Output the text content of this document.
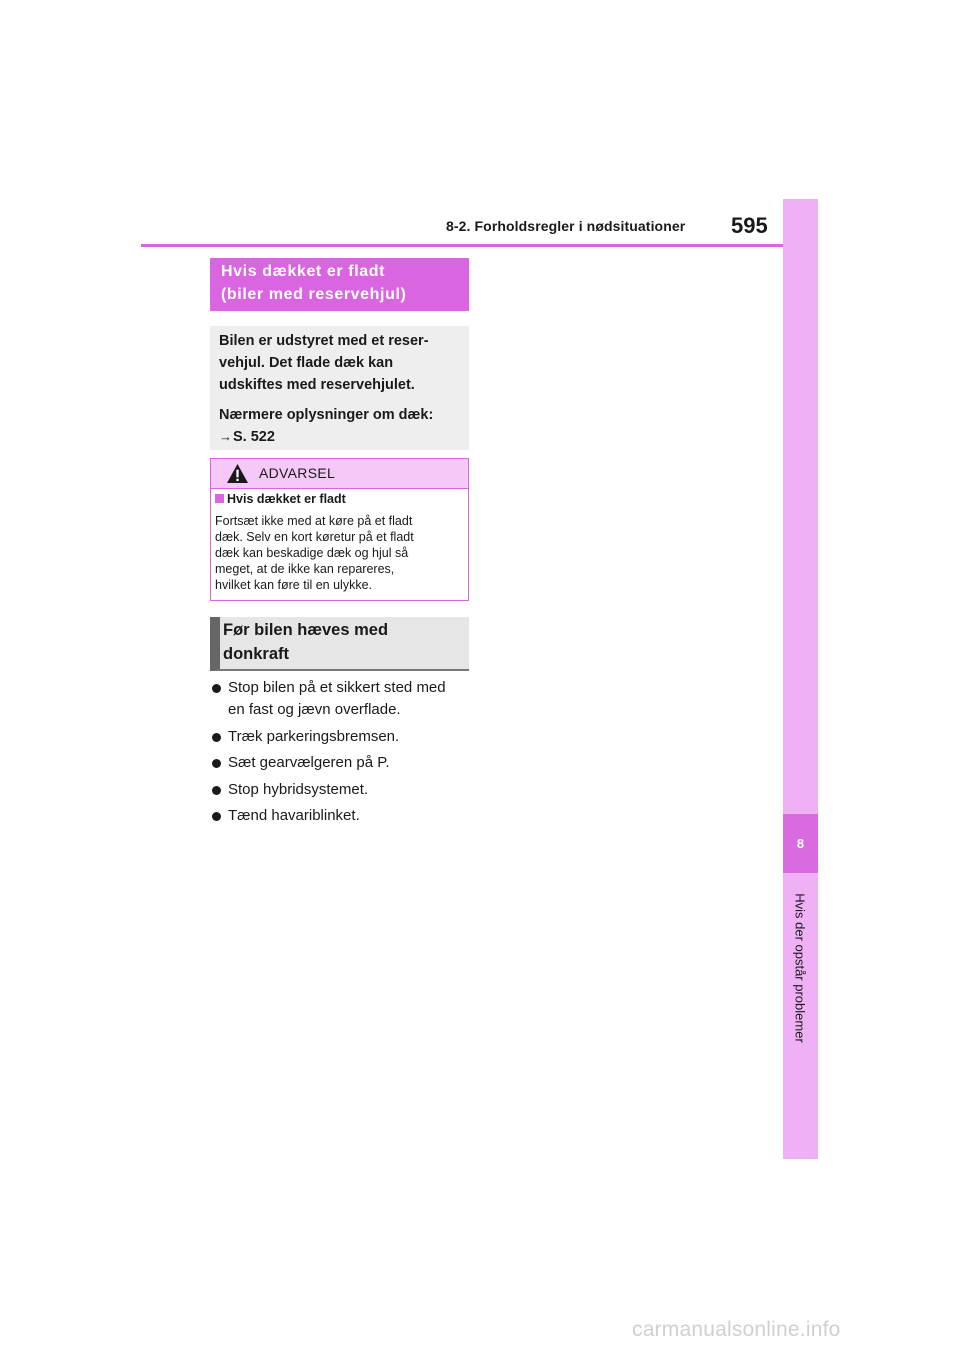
8-2. Forholdsregler i nødsituationer 595
8
Hvis der opstår problemer
Hvis dækket er fladt
(biler med reservehjul)

Bilen er udstyret med et reser-
vehjul. Det flade dæk kan
udskiftes med reservehjulet.

Nærmere oplysninger om dæk:
→S. 522

ADVARSEL
Hvis dækket er fladt
Fortsæt ikke med at køre på et fladt
dæk. Selv en kort køretur på et fladt
dæk kan beskadige dæk og hjul så
meget, at de ikke kan repareres,
hvilket kan føre til en ulykke.
Før bilen hæves med
donkraft
Stop bilen på et sikkert sted med
en fast og jævn overflade.
Træk parkeringsbremsen.
Sæt gearvælgeren på P.
Stop hybridsystemet.
Tænd havariblinket.
carmanualsonline.info
